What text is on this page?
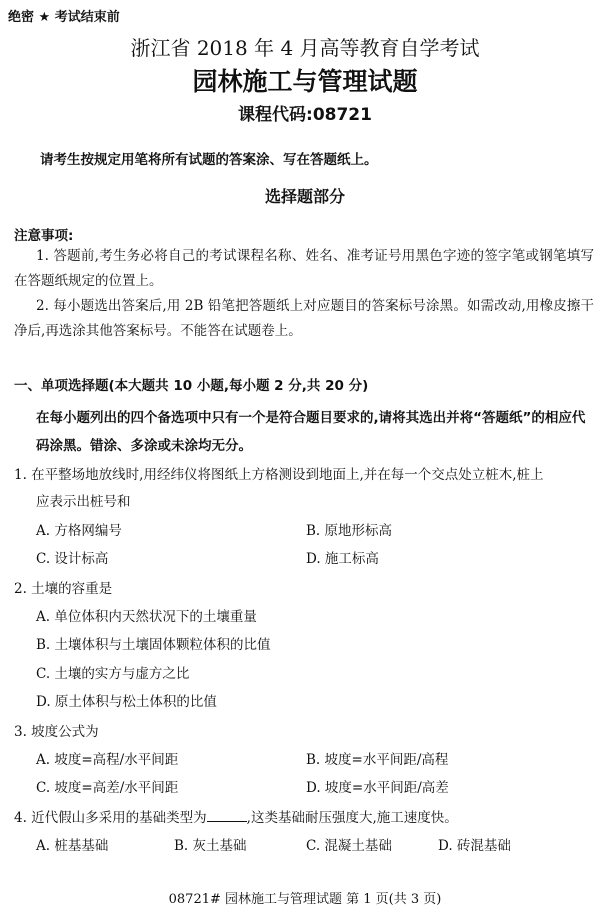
绝密 ★ 考试结束前
浙江省 2018 年 4 月高等教育自学考试
园林施工与管理试题
课程代码:08721
请考生按规定用笔将所有试题的答案涂、写在答题纸上。
选择题部分
注意事项:
1. 答题前,考生务必将自己的考试课程名称、姓名、准考证号用黑色字迹的签字笔或钢笔填写在答题纸规定的位置上。
2. 每小题选出答案后,用 2B 铅笔把答题纸上对应题目的答案标号涂黑。如需改动,用橡皮擦干净后,再选涂其他答案标号。不能答在试题卷上。
一、单项选择题(本大题共 10 小题,每小题 2 分,共 20 分)
在每小题列出的四个备选项中只有一个是符合题目要求的,请将其选出并将“答题纸”的相应代码涂黑。错涂、多涂或未涂均无分。
1. 在平整场地放线时,用经纬仪将图纸上方格测设到地面上,并在每一个交点处立桩木,桩上
应表示出桩号和
A. 方格网编号	B. 原地形标高
C. 设计标高	D. 施工标高
2. 土壤的容重是
A. 单位体积内天然状况下的土壤重量
B. 土壤体积与土壤固体颗粒体积的比值
C. 土壤的实方与虚方之比
D. 原土体积与松土体积的比值
3. 坡度公式为
A. 坡度=高程/水平间距	B. 坡度=水平间距/高程
C. 坡度=高差/水平间距	D. 坡度=水平间距/高差
4. 近代假山多采用的基础类型为	,这类基础耐压强度大,施工速度快。
A. 桩基基础	B. 灰土基础	C. 混凝土基础	D. 砖混基础
08721# 园林施工与管理试题 第 1 页(共 3 页)
